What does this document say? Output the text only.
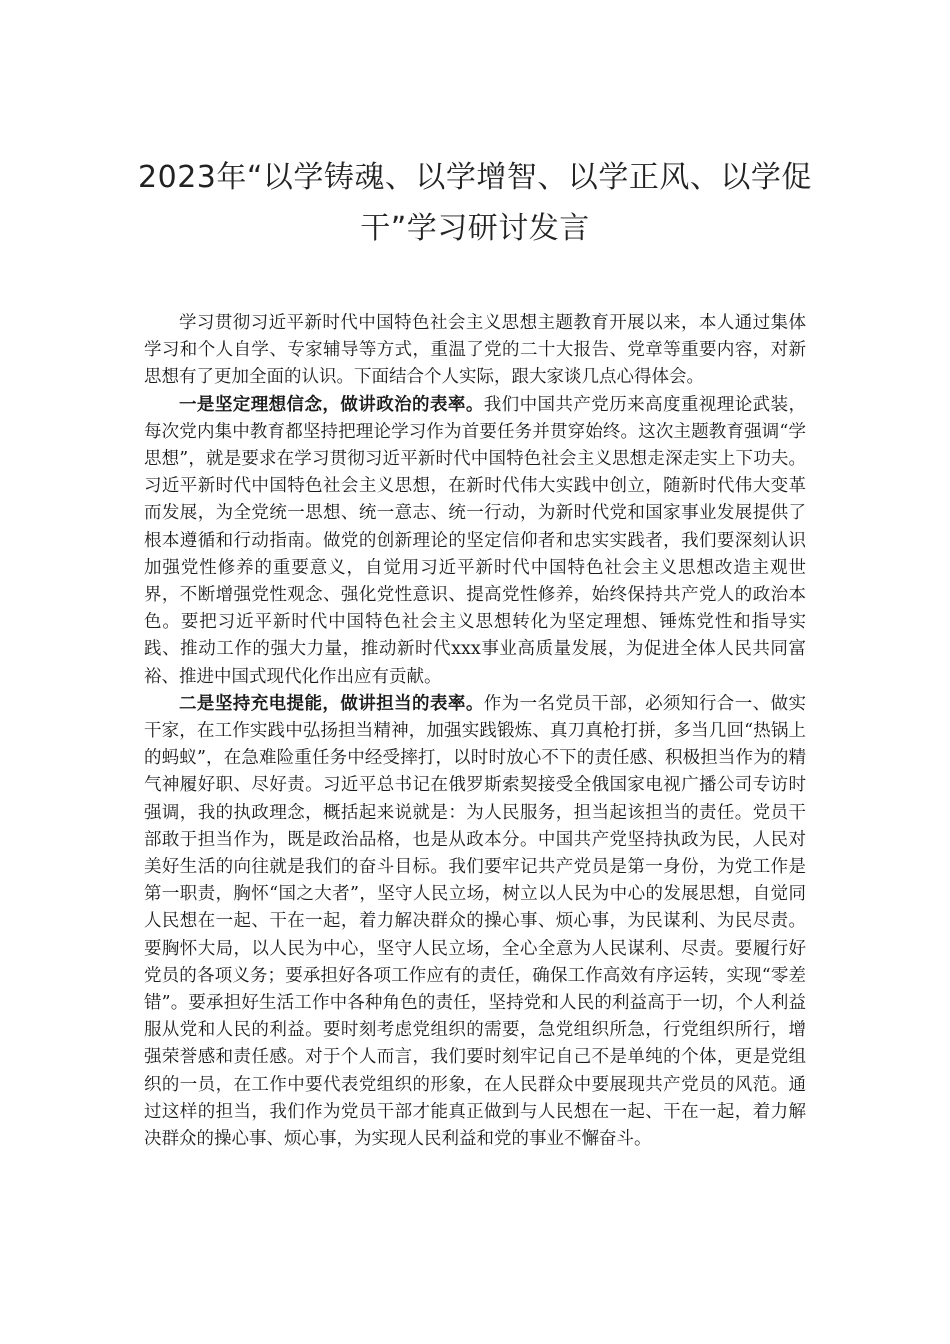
2023年“以学铸魂、以学增智、以学正风、以学促
干”学习研讨发言

学习贯彻习近平新时代中国特色社会主义思想主题教育开展以来，本人通过集体学习和个人自学、专家辅导等方式，重温了党的二十大报告、党章等重要内容，对新思想有了更加全面的认识。下面结合个人实际，跟大家谈几点心得体会。

一是坚定理想信念，做讲政治的表率。我们中国共产党历来高度重视理论武装，每次党内集中教育都坚持把理论学习作为首要任务并贯穿始终。这次主题教育强调“学思想”，就是要求在学习贯彻习近平新时代中国特色社会主义思想走深走实上下功夫。习近平新时代中国特色社会主义思想，在新时代伟大实践中创立，随新时代伟大变革而发展，为全党统一思想、统一意志、统一行动，为新时代党和国家事业发展提供了根本遵循和行动指南。做党的创新理论的坚定信仰者和忠实实践者，我们要深刻认识加强党性修养的重要意义，自觉用习近平新时代中国特色社会主义思想改造主观世界，不断增强党性观念、强化党性意识、提高党性修养，始终保持共产党人的政治本色。要把习近平新时代中国特色社会主义思想转化为坚定理想、锤炼党性和指导实践、推动工作的强大力量，推动新时代xxx事业高质量发展，为促进全体人民共同富裕、推进中国式现代化作出应有贡献。

二是坚持充电提能，做讲担当的表率。作为一名党员干部，必须知行合一、做实干家，在工作实践中弘扬担当精神，加强实践锻炼、真刀真枪打拼，多当几回“热锅上的蚂蚁”，在急难险重任务中经受摔打，以时时放心不下的责任感、积极担当作为的精气神履好职、尽好责。习近平总书记在俄罗斯索契接受全俄国家电视广播公司专访时强调，我的执政理念，概括起来说就是：为人民服务，担当起该担当的责任。党员干部敢于担当作为，既是政治品格，也是从政本分。中国共产党坚持执政为民，人民对美好生活的向往就是我们的奋斗目标。我们要牢记共产党员是第一身份，为党工作是第一职责，胸怀“国之大者”，坚守人民立场，树立以人民为中心的发展思想，自觉同人民想在一起、干在一起，着力解决群众的操心事、烦心事，为民谋利、为民尽责。要胸怀大局，以人民为中心，坚守人民立场，全心全意为人民谋利、尽责。要履行好党员的各项义务；要承担好各项工作应有的责任，确保工作高效有序运转，实现“零差错”。要承担好生活工作中各种角色的责任，坚持党和人民的利益高于一切，个人利益服从党和人民的利益。要时刻考虑党组织的需要，急党组织所急，行党组织所行，增强荣誉感和责任感。对于个人而言，我们要时刻牢记自己不是单纯的个体，更是党组织的一员，在工作中要代表党组织的形象，在人民群众中要展现共产党员的风范。通过这样的担当，我们作为党员干部才能真正做到与人民想在一起、干在一起，着力解决群众的操心事、烦心事，为实现人民利益和党的事业不懈奋斗。
